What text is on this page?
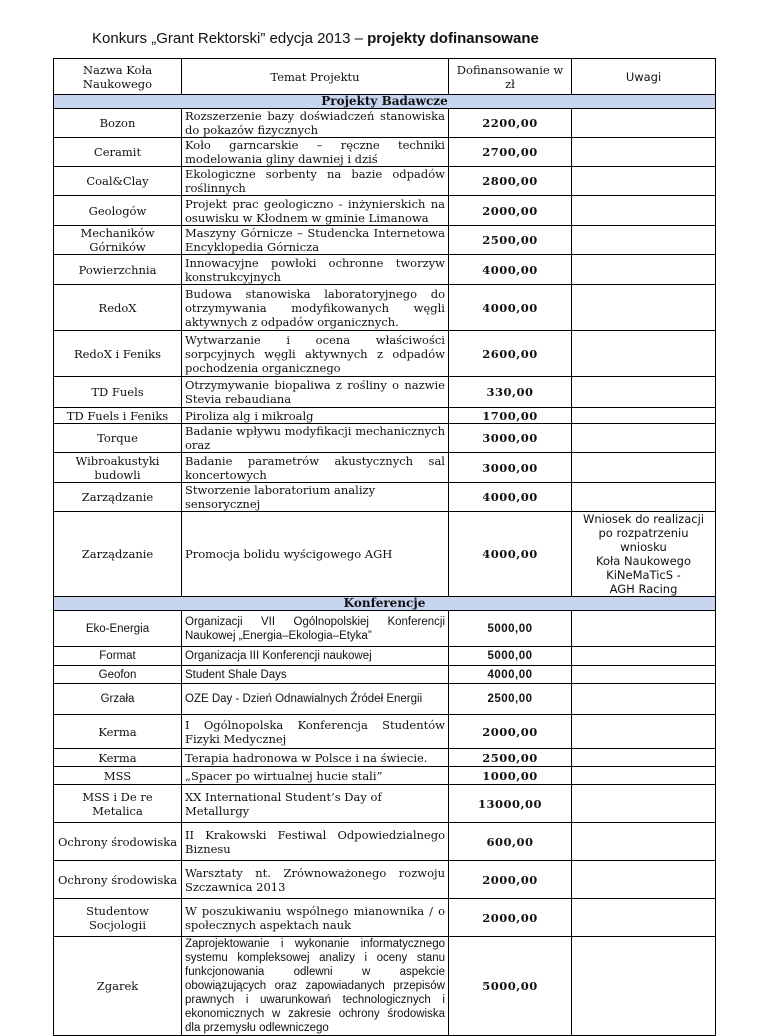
Konkurs „Grant Rektorski” edycja 2013 – projekty dofinansowane
Nazwa Koła Naukowego	Temat Projektu	Dofinansowanie w zł	Uwagi
Projekty Badawcze			
Bozon	Rozszerzenie bazy doświadczeń stanowiska do pokazów fizycznych	2200,00	
Ceramit	Koło garncarskie – ręczne techniki modelowania gliny dawniej i dziś	2700,00	
Coal&Clay	Ekologiczne sorbenty na bazie odpadów roślinnych	2800,00	
Geologów	Projekt prac geologiczno - inżynierskich na osuwisku w Kłodnem w gminie Limanowa	2000,00	
Mechaników Górników	Maszyny Górnicze – Studencka Internetowa Encyklopedia Górnicza	2500,00	
Powierzchnia	Innowacyjne powłoki ochronne tworzyw konstrukcyjnych	4000,00	
RedoX	Budowa stanowiska laboratoryjnego do otrzymywania modyfikowanych węgli aktywnych z odpadów organicznych.	4000,00	
RedoX i Feniks	Wytwarzanie i ocena właściwości sorpcyjnych węgli aktywnych z odpadów pochodzenia organicznego	2600,00	
TD Fuels	Otrzymywanie biopaliwa z rośliny o nazwie Stevia rebaudiana	330,00	
TD Fuels i Feniks	Piroliza alg i mikroalg	1700,00	
Torque	Badanie wpływu modyfikacji mechanicznych oraz	3000,00	
Wibroakustyki budowli	Badanie parametrów akustycznych sal koncertowych	3000,00	
Zarządzanie	Stworzenie laboratorium analizy sensorycznej	4000,00	
Zarządzanie	Promocja bolidu wyścigowego AGH	4000,00	Wniosek do realizacji
po rozpatrzeniu wniosku
Koła Naukowego KiNeMaTicS -
AGH Racing

Konferencje			
Eko-Energia	Organizacji VII Ogólnopolskiej Konferencji Naukowej „Energia–Ekologia–Etyka”	5000,00	
Format	Organizacja III Konferencji naukowej	5000,00	
Geofon	Student Shale Days	4000,00	
Grzała	OZE Day - Dzień Odnawialnych Źródeł Energii	2500,00	
Kerma	I Ogólnopolska Konferencja Studentów Fizyki Medycznej	2000,00	
Kerma	Terapia hadronowa w Polsce i na świecie.	2500,00	
MSS	„Spacer po wirtualnej hucie stali”	1000,00	
MSS i De re Metalica	XX International Student’s Day of Metallurgy	13000,00	
Ochrony środowiska	II Krakowski Festiwal Odpowiedzialnego Biznesu	600,00	
Ochrony środowiska	Warsztaty nt. Zrównoważonego rozwoju Szczawnica 2013	2000,00	
Studentow Socjologii	W poszukiwaniu wspólnego mianownika / o społecznych aspektach nauk	2000,00	
Zgarek	Zaprojektowanie i wykonanie informatycznego systemu kompleksowej analizy i oceny stanu funkcjonowania odlewni w aspekcie obowiązujących oraz zapowiadanych przepisów prawnych i uwarunkowań technologicznych i ekonomicznych w zakresie ochrony środowiska dla przemysłu odlewniczego	5000,00	
